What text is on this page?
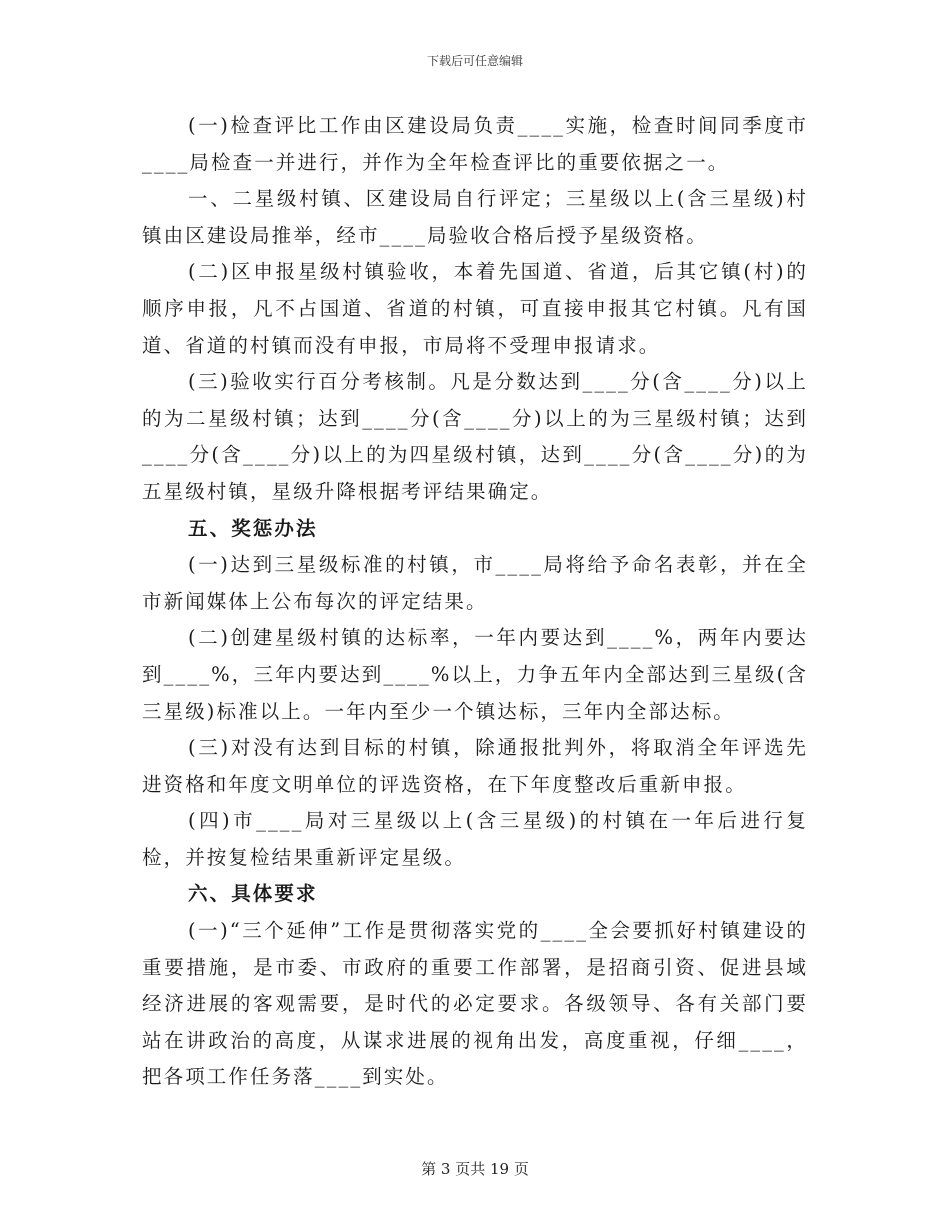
下载后可任意编辑

(一)检查评比工作由区建设局负责____实施，检查时间同季度市____局检查一并进行，并作为全年检查评比的重要依据之一。

一、二星级村镇、区建设局自行评定；三星级以上(含三星级)村镇由区建设局推举，经市____局验收合格后授予星级资格。

(二)区申报星级村镇验收，本着先国道、省道，后其它镇(村)的顺序申报，凡不占国道、省道的村镇，可直接申报其它村镇。凡有国道、省道的村镇而没有申报，市局将不受理申报请求。

(三)验收实行百分考核制。凡是分数达到____分(含____分)以上的为二星级村镇；达到____分(含____分)以上的为三星级村镇；达到____分(含____分)以上的为四星级村镇，达到____分(含____分)的为五星级村镇，星级升降根据考评结果确定。

五、奖惩办法

(一)达到三星级标准的村镇，市____局将给予命名表彰，并在全市新闻媒体上公布每次的评定结果。

(二)创建星级村镇的达标率，一年内要达到____%，两年内要达到____%，三年内要达到____%以上，力争五年内全部达到三星级(含三星级)标准以上。一年内至少一个镇达标，三年内全部达标。

(三)对没有达到目标的村镇，除通报批判外，将取消全年评选先进资格和年度文明单位的评选资格，在下年度整改后重新申报。

(四)市____局对三星级以上(含三星级)的村镇在一年后进行复检，并按复检结果重新评定星级。

六、具体要求

(一)“三个延伸”工作是贯彻落实党的____全会要抓好村镇建设的重要措施，是市委、市政府的重要工作部署，是招商引资、促进县域经济进展的客观需要，是时代的必定要求。各级领导、各有关部门要站在讲政治的高度，从谋求进展的视角出发，高度重视，仔细____，把各项工作任务落____到实处。

第 3 页共 19 页
